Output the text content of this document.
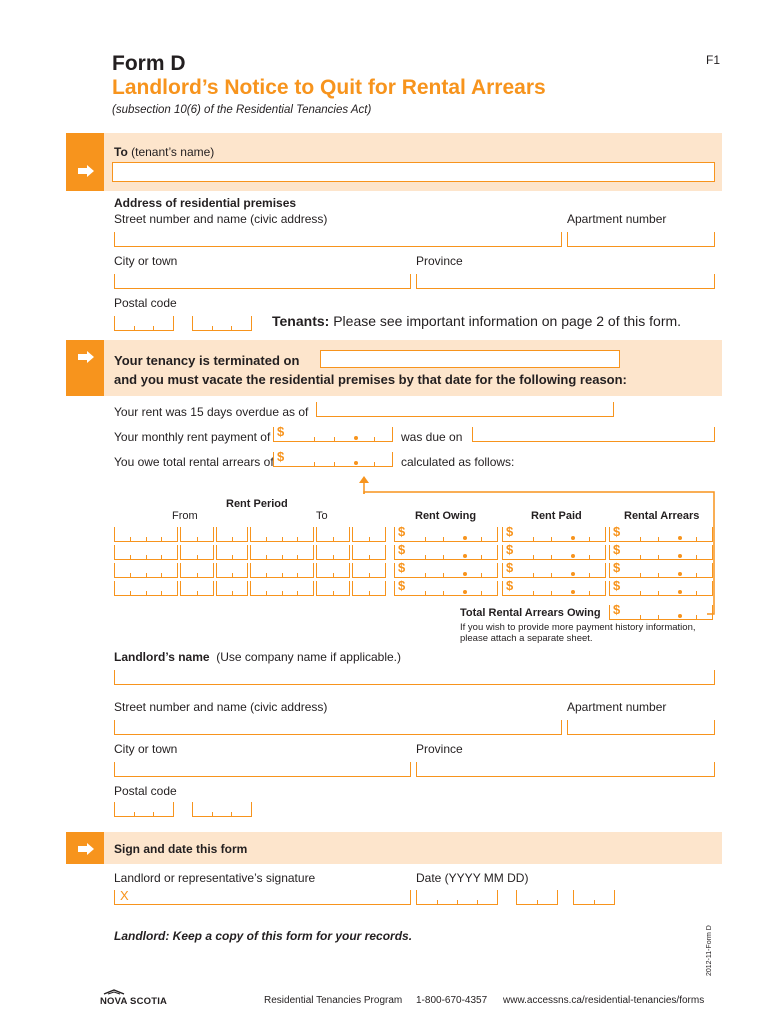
Form D
Landlord’s Notice to Quit for Rental Arrears
(subsection 10(6) of the Residential Tenancies Act)
F1
To (tenant’s name)
Address of residential premises
Street number and name (civic address)	Apartment number
City or town	Province
Postal code
Tenants: Please see important information on page 2 of this form.
Your tenancy is terminated on
and you must vacate the residential premises by that date for the following reason:
Your rent was 15 days overdue as of
Your monthly rent payment of $	was due on
You owe total rental arrears of $	calculated as follows:
Rent Period
From	To	Rent Owing	Rent Paid	Rental Arrears
$	$	$
$	$	$
$	$	$
$	$	$
Total Rental Arrears Owing $
If you wish to provide more payment history information,
please attach a separate sheet.
Landlord’s name (Use company name if applicable.)
Street number and name (civic address)	Apartment number
City or town	Province
Postal code
Sign and date this form
Landlord or representative’s signature	Date (YYYY MM DD)
X
Landlord: Keep a copy of this form for your records.
NOVA SCOTIA	Residential Tenancies Program 1-800-670-4357 www.accessns.ca/residential-tenancies/forms
2012-11-Form D
